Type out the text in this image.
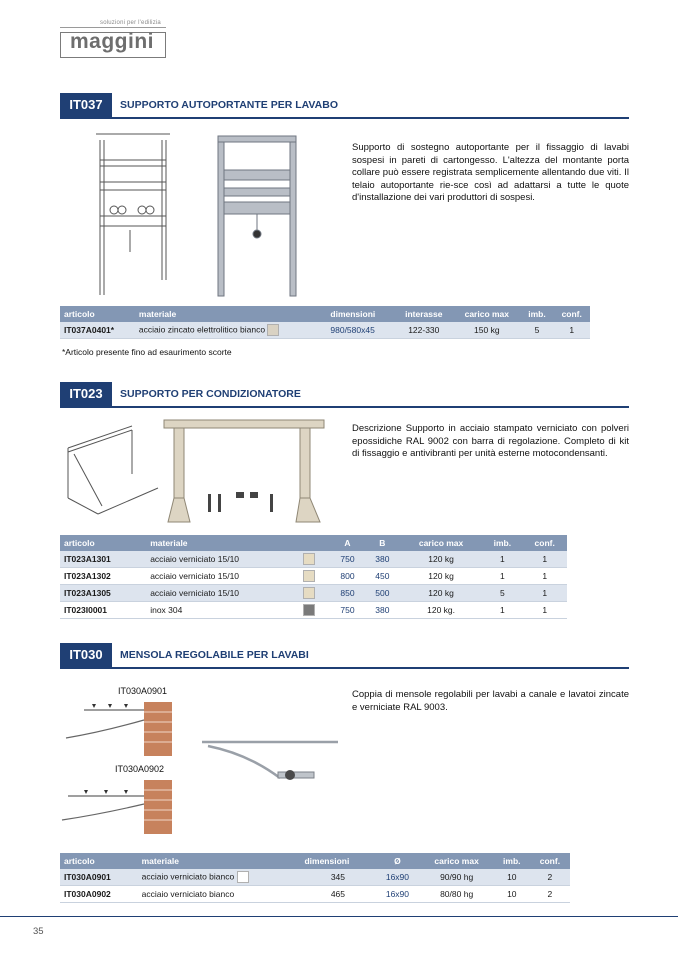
soluzioni per l'edilizia
maggini
IT037	SUPPORTO AUTOPORTANTE PER LAVABO
Supporto di sostegno autoportante per il fissaggio di lavabi sospesi in pareti di cartongesso. L'altezza del montante porta collare può essere registrata semplicemente allentando due viti. Il telaio autoportante rie-sce così ad adattarsi a tutte le quote d'installazione dei vari produttori di sospesi.
articolo	materiale	dimensioni	interasse	carico max	imb.	conf.
IT037A0401*	acciaio zincato elettrolitico bianco	980/580x45	122-330	150 kg	5	1
*Articolo presente fino ad esaurimento scorte
IT023	SUPPORTO PER CONDIZIONATORE
Descrizione Supporto in acciaio stampato verniciato con polveri epossidiche RAL 9002 con barra di regolazione. Completo di kit di fissaggio e antivibranti per unità esterne motocondensanti.
articolo	materiale		A	B	carico max	imb.	conf.
IT023A1301	acciaio verniciato 15/10		750	380	120 kg	1	1
IT023A1302	acciaio verniciato 15/10		800	450	120 kg	1	1
IT023A1305	acciaio verniciato 15/10		850	500	120 kg	5	1
IT023I0001	inox 304		750	380	120 kg.	1	1
IT030	MENSOLA REGOLABILE PER LAVABI
IT030A0901
IT030A0902
Coppia di mensole regolabili per lavabi a canale e lavatoi zincate e verniciate RAL 9003.
articolo	materiale	dimensioni	Ø	carico max	imb.	conf.
IT030A0901	acciaio verniciato bianco	345	16x90	90/90 hg	10	2
IT030A0902	acciaio verniciato bianco	465	16x90	80/80 hg	10	2
35
